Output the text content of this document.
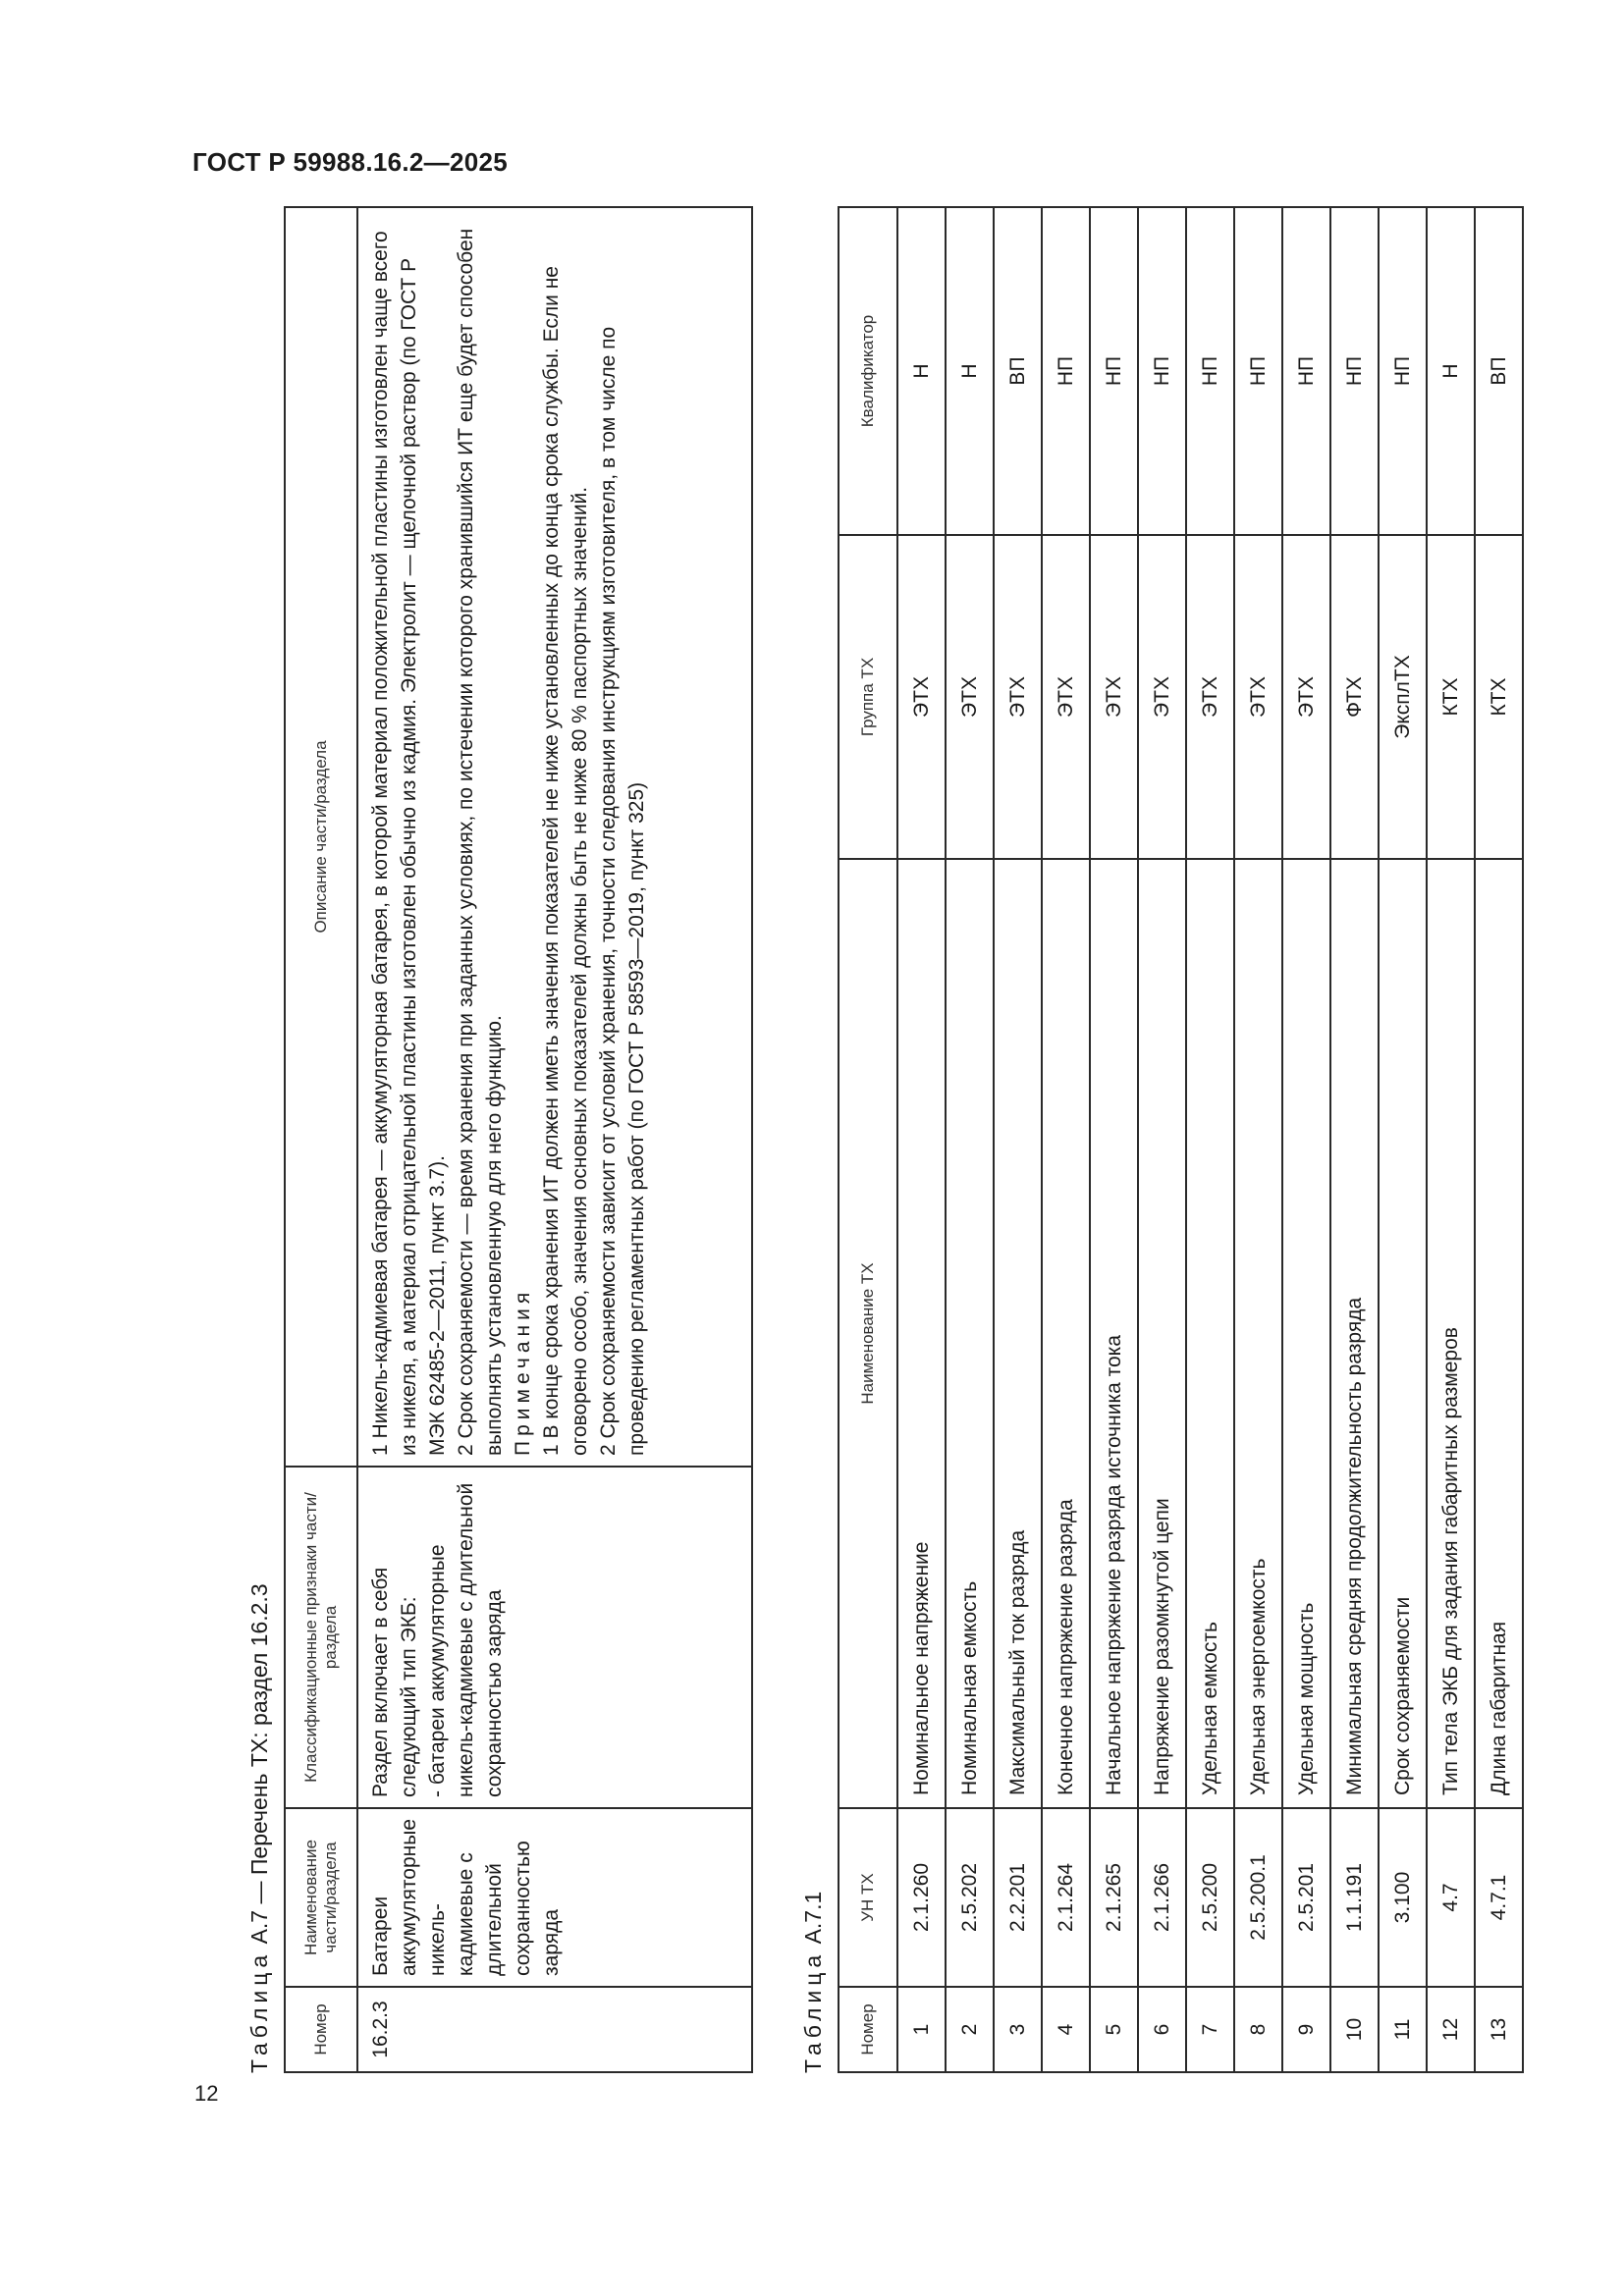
ГОСТ Р 59988.16.2—2025
12
Таблица А.7 — Перечень ТХ: раздел 16.2.3
Номер	Наименование части/раздела	Классификационные признаки части/раздела	Описание части/раздела
16.2.3	Батареи аккумуляторные никель-кадмиевые с длительной сохранностью заряда	Раздел включает в себя следующий тип ЭКБ: - батареи аккумуляторные никель-кадмиевые с длительной сохранностью заряда	1 Никель-кадмиевая батарея — аккумуляторная батарея, в которой материал положительной пластины изготовлен чаще всего из никеля, а материал отрицательной пластины изготовлен обычно из кадмия. Электролит — щелочной раствор (по ГОСТ Р МЭК 62485-2—2011, пункт 3.7). 2 Срок сохраняемости — время хранения при заданных условиях, по истечении которого хранившийся ИТ еще будет способен выполнять установленную для него функцию. Примечания 1 В конце срока хранения ИТ должен иметь значения показателей не ниже установленных до конца срока службы. Если не оговорено особо, значения основных показателей должны быть не ниже 80 % паспортных значений. 2 Срок сохраняемости зависит от условий хранения, точности следования инструкциям изготовителя, в том числе по проведению регламентных работ (по ГОСТ Р 58593—2019, пункт 325)
Таблица А.7.1
Номер	УН ТХ	Наименование ТХ	Группа ТХ	Квалификатор
1	2.1.260	Номинальное напряжение	ЭТХ	Н
2	2.5.202	Номинальная емкость	ЭТХ	Н
3	2.2.201	Максимальный ток разряда	ЭТХ	ВП
4	2.1.264	Конечное напряжение разряда	ЭТХ	НП
5	2.1.265	Начальное напряжение разряда источника тока	ЭТХ	НП
6	2.1.266	Напряжение разомкнутой цепи	ЭТХ	НП
7	2.5.200	Удельная емкость	ЭТХ	НП
8	2.5.200.1	Удельная энергоемкость	ЭТХ	НП
9	2.5.201	Удельная мощность	ЭТХ	НП
10	1.1.191	Минимальная средняя продолжительность разряда	ФТХ	НП
11	3.100	Срок сохраняемости	ЭксплТХ	НП
12	4.7	Тип тела ЭКБ для задания габаритных размеров	КТХ	Н
13	4.7.1	Длина габаритная	КТХ	ВП
